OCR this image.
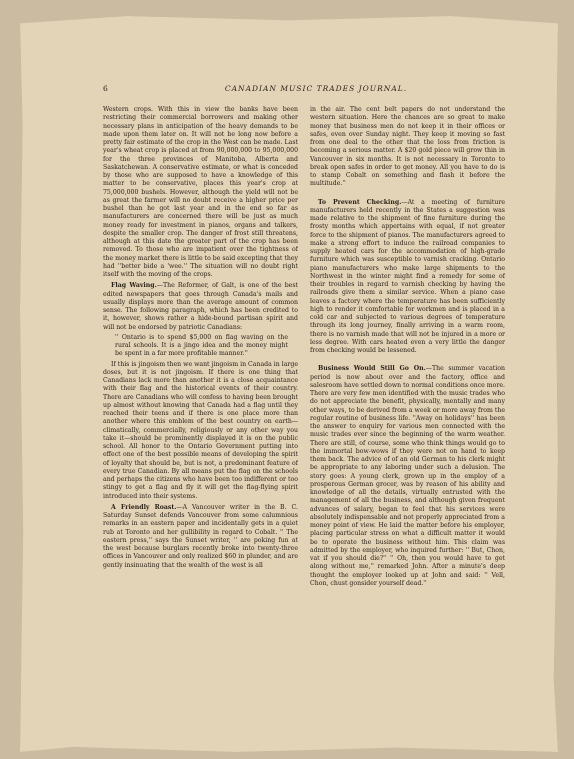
6	CANADIAN MUSIC TRADES JOURNAL.

Western crops. With this in view the banks have been restricting their commercial borrowers and making other necessary plans in anticipation of the heavy demands to be made upon them later on. It will not be long now before a pretty fair estimate of the crop in the West can be made. Last year's wheat crop is placed at from 90,000,000 to 95,000,000 for the three provinces of Manitoba, Alberta and Saskatchewan. A conservative estimate, or what is conceded by those who are supposed to have a knowledge of this matter to be conservative, places this year's crop at 75,000,000 bushels. However, although the yield will not be as great the farmer will no doubt receive a higher price per bushel than he got last year and in the end so far as manufacturers are concerned there will be just as much money ready for investment in pianos, organs and talkers, despite the smaller crop. The danger of frost still threatens, although at this date the greater part of the crop has been removed. To those who are impatient over the tightness of the money market there is little to be said excepting that they had ''better bide a 'wee.'' The situation will no doubt right itself with the moving of the crops.

Flag Waving.—The Reformer, of Galt, is one of the best edited newspapers that goes through Canada's mails and usually displays more than the average amount of common sense. The following paragraph, which has been credited to it, however, shows rather a hide-bound partisan spirit and will not be endorsed by patriotic Canadians:

'' Ontario is to spend $5,000 on flag waving on the rural schools. It is a jingo idea and the money might be spent in a far more profitable manner.''

If this is jingoism then we want jingoism in Canada in large doses, but it is not jingoism. If there is one thing that Canadians lack more than another it is a close acquaintance with their flag and the historical events of their country. There are Canadians who will confess to having been brought up almost without knowing that Canada had a flag until they reached their teens and if there is one place more than another where this emblem of the best country on earth—climatically, commercially, religiously or any other way you take it—should be prominently displayed it is on the public school. All honor to the Ontario Government putting into effect one of the best possible means of developing the spirit of loyalty that should be, but is not, a predominant feature of every true Canadian. By all means put the flag on the schools and perhaps the citizens who have been too indifferent or too stingy to get a flag and fly it will get the flag-flying spirit introduced into their systems.

A Friendly Roast.—A Vancouver writer in the B. C. Saturday Sunset defends Vancouver from some calumnious remarks in an eastern paper and incidentally gets in a quiet rub at Toronto and her gullibility in regard to Cobalt. '' The eastern press,'' says the Sunset writer, '' are poking fun at the west because burglars recently broke into twenty-three offices in Vancouver and only realized $60 in plunder, and are gently insinuating that the wealth of the west is all

in the air. The cent belt papers do not understand the western situation. Here the chances are so great to make money that business men do not keep it in their offices or safes, even over Sunday night. They keep it moving so fast from one deal to the other that the loss from friction is becoming a serious matter. A $20 gold piece will grow thin in Vancouver in six months. It is not necessary in Toronto to break open safes in order to get money. All you have to do is to stamp Cobalt on something and flash it before the multitude.''

To Prevent Checking.—At a meeting of furniture manufacturers held recently in the States a suggestion was made relative to the shipment of fine furniture during the frosty months which appertains with equal, if not greater force to the shipment of pianos. The manufacturers agreed to make a strong effort to induce the railroad companies to supply heated cars for the accommodation of high-grade furniture which was susceptible to varnish cracking. Ontario piano manufacturers who make large shipments to the Northwest in the winter might find a remedy for some of their troubles in regard to varnish checking by having the railroads give them a similar service. When a piano case leaves a factory where the temperature has been sufficiently high to render it comfortable for workmen and is placed in a cold car and subjected to various degrees of temperature through its long journey, finally arriving in a warm room, there is no varnish made that will not be injured in a more or less degree. With cars heated even a very little the danger from checking would be lessened.

Business Would Still Go On.—The summer vacation period is now about over and the factory, office and salesroom have settled down to normal conditions once more. There are very few men identified with the music trades who do not appreciate the benefit, physically, mentally and many other ways, to be derived from a week or more away from the regular routine of business life. ''Away on holidays'' has been the answer to enquiry for various men connected with the music trades ever since the beginning of the warm weather. There are still, of course, some who think things would go to the immortal bow-wows if they were not on hand to keep them back. The advice of of an old German to his clerk might be appropriate to any laboring under such a delusion. The story goes: A young clerk, grown up in the employ of a prosperous German grocer, was by reason of his ability and knowledge of all the details, virtually entrusted with the management of all the business, and although given frequent advances of salary, began to feel that his services were absolutely indispensable and not properly appreciated from a money point of view. He laid the matter before his employer, placing particular stress on what a difficult matter it would be to operate the business without him. This claim was admitted by the employer, who inquired further: '' But, Chon, vat if you should die?'' '' Oh, then you would have to get along without me,'' remarked John. After a minute's deep thought the employer looked up at John and said: '' Vell, Chon, chust gonsider yourself dead.''
